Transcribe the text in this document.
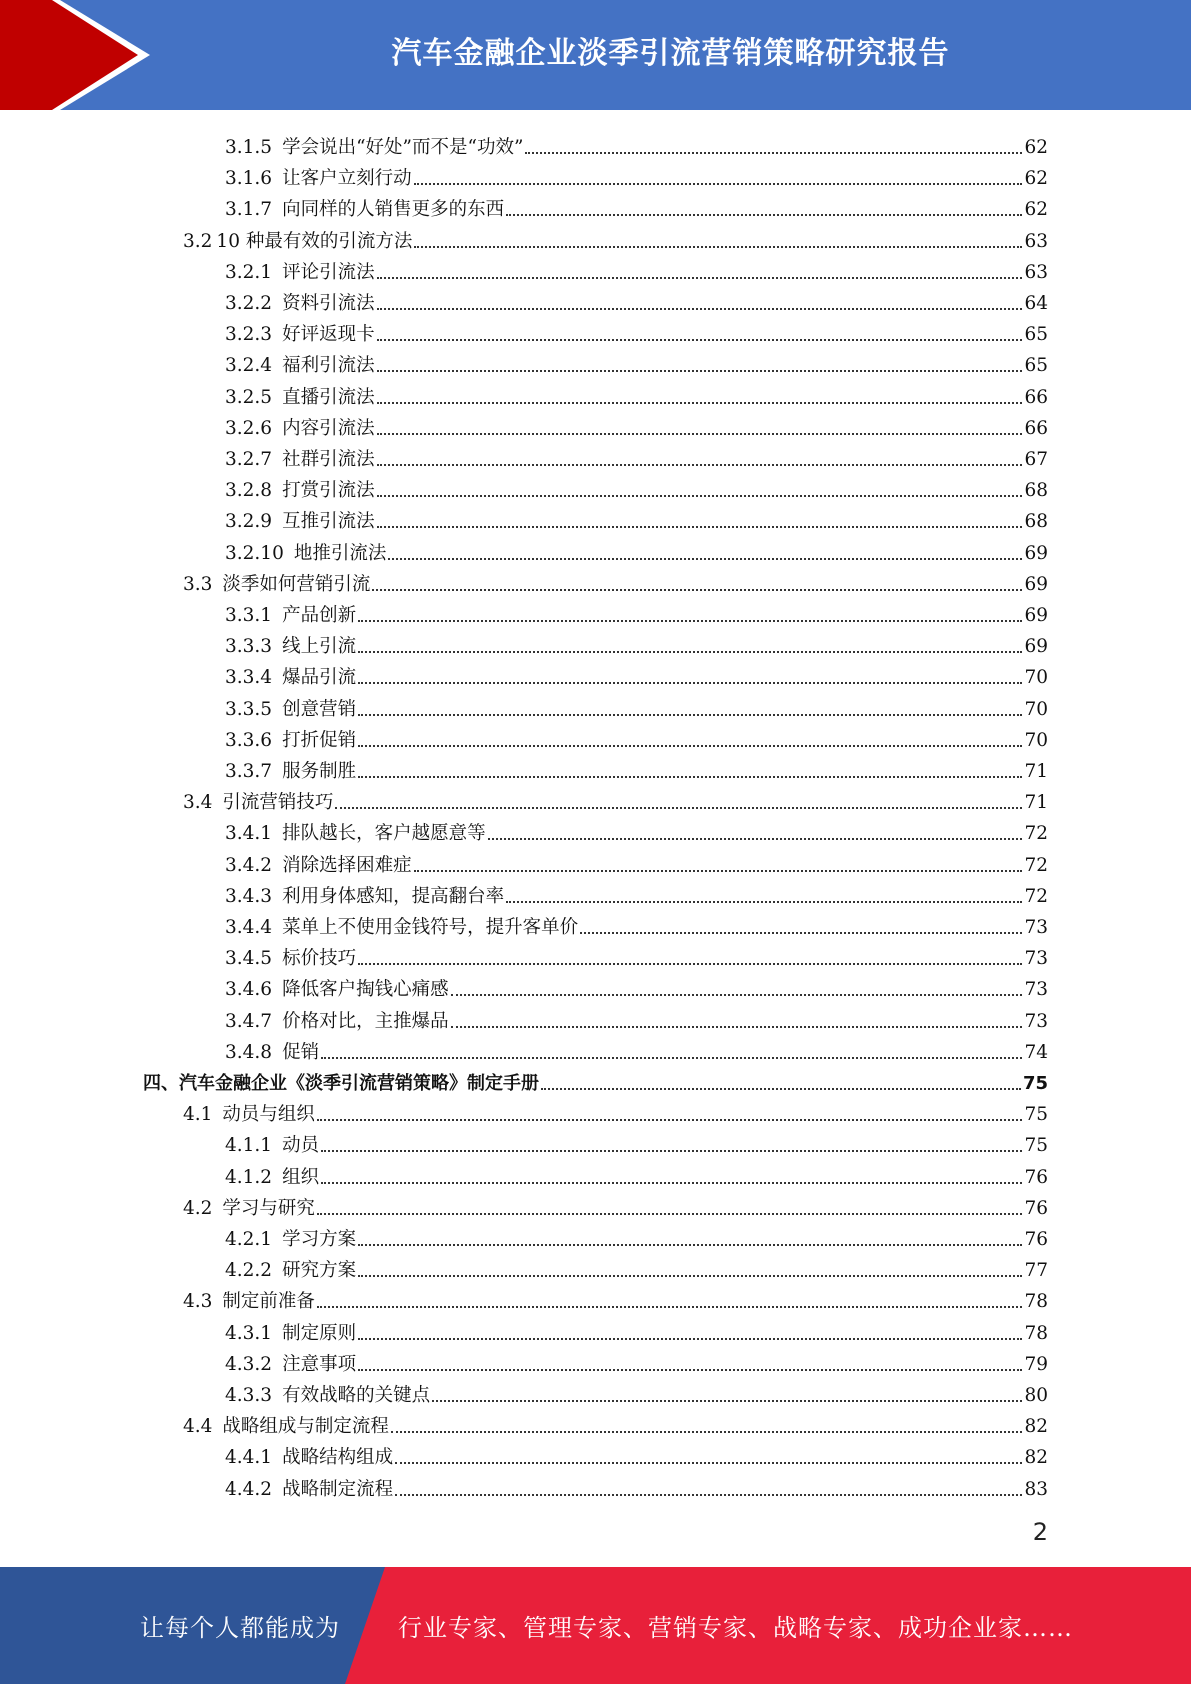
汽车金融企业淡季引流营销策略研究报告
3.1.5 学会说出“好处”而不是“功效”	62
3.1.6 让客户立刻行动	62
3.1.7 向同样的人销售更多的东西	62
3.2 10 种最有效的引流方法	63
3.2.1 评论引流法	63
3.2.2 资料引流法	64
3.2.3 好评返现卡	65
3.2.4 福利引流法	65
3.2.5 直播引流法	66
3.2.6 内容引流法	66
3.2.7 社群引流法	67
3.2.8 打赏引流法	68
3.2.9 互推引流法	68
3.2.10 地推引流法	69
3.3 淡季如何营销引流	69
3.3.1 产品创新	69
3.3.3 线上引流	69
3.3.4 爆品引流	70
3.3.5 创意营销	70
3.3.6 打折促销	70
3.3.7 服务制胜	71
3.4 引流营销技巧	71
3.4.1 排队越长，客户越愿意等	72
3.4.2 消除选择困难症	72
3.4.3 利用身体感知，提高翻台率	72
3.4.4 菜单上不使用金钱符号，提升客单价	73
3.4.5 标价技巧	73
3.4.6 降低客户掏钱心痛感	73
3.4.7 价格对比，主推爆品	73
3.4.8 促销	74
四、汽车金融企业《淡季引流营销策略》制定手册	75
4.1 动员与组织	75
4.1.1 动员	75
4.1.2 组织	76
4.2 学习与研究	76
4.2.1 学习方案	76
4.2.2 研究方案	77
4.3 制定前准备	78
4.3.1 制定原则	78
4.3.2 注意事项	79
4.3.3 有效战略的关键点	80
4.4 战略组成与制定流程	82
4.4.1 战略结构组成	82
4.4.2 战略制定流程	83
2
让每个人都能成为 行业专家、管理专家、营销专家、战略专家、成功企业家……
